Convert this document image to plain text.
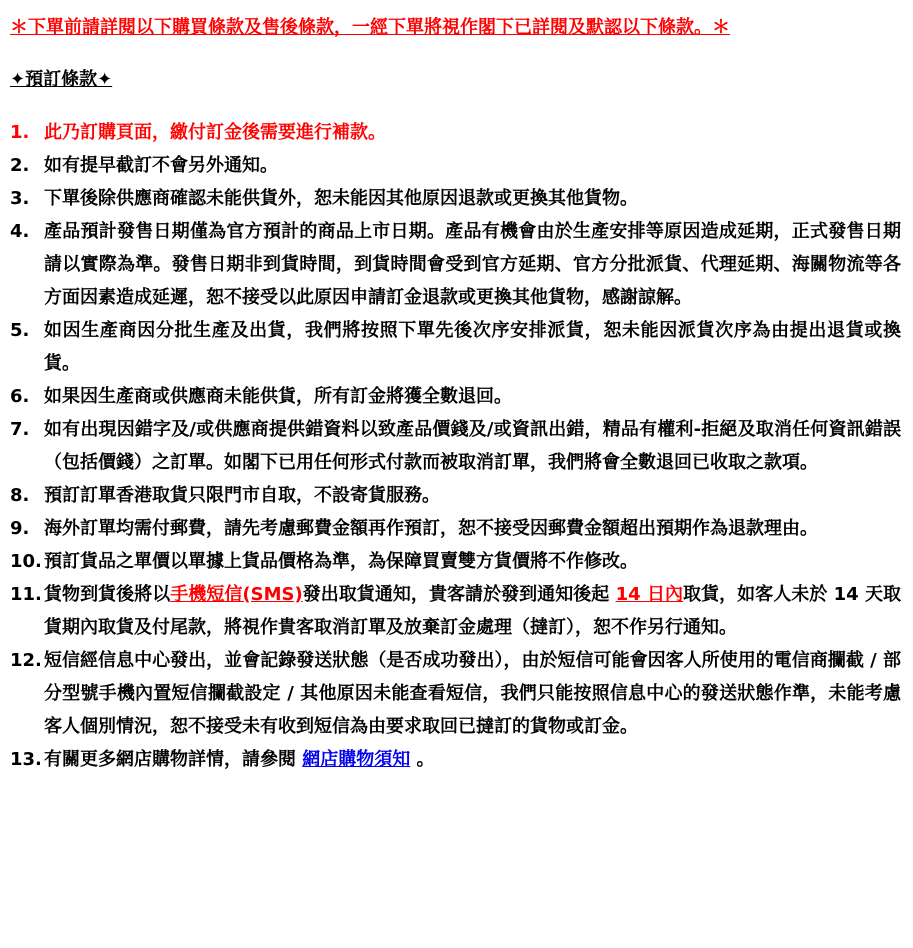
＊下單前請詳閱以下購買條款及售後條款，一經下單將視作閣下已詳閱及默認以下條款。＊
✦預訂條款✦
1. 此乃訂購頁面，繳付訂金後需要進行補款。
2. 如有提早截訂不會另外通知。
3. 下單後除供應商確認未能供貨外，恕未能因其他原因退款或更換其他貨物。
4. 產品預計發售日期僅為官方預計的商品上市日期。產品有機會由於生產安排等原因造成延期，正式發售日期請以實際為準。發售日期非到貨時間，到貨時間會受到官方延期、官方分批派貨、代理延期、海關物流等各方面因素造成延遲，恕不接受以此原因申請訂金退款或更換其他貨物，感謝諒解。
5. 如因生產商因分批生產及出貨，我們將按照下單先後次序安排派貨，恕未能因派貨次序為由提出退貨或換貨。
6. 如果因生產商或供應商未能供貨，所有訂金將獲全數退回。
7. 如有出現因錯字及/或供應商提供錯資料以致產品價錢及/或資訊出錯，精品有權利-拒絕及取消任何資訊錯誤（包括價錢）之訂單。如閣下已用任何形式付款而被取消訂單，我們將會全數退回已收取之款項。
8. 預訂訂單香港取貨只限門市自取，不設寄貨服務。
9. 海外訂單均需付郵費，請先考慮郵費金額再作預訂，恕不接受因郵費金額超出預期作為退款理由。
10. 預訂貨品之單價以單據上貨品價格為準，為保障買賣雙方貨價將不作修改。
11. 貨物到貨後將以手機短信(SMS)發出取貨通知，貴客請於發到通知後起 14 日內取貨，如客人未於 14 天取貨期內取貨及付尾款，將視作貴客取消訂單及放棄訂金處理（撻訂），恕不作另行通知。
12. 短信經信息中心發出，並會記錄發送狀態（是否成功發出），由於短信可能會因客人所使用的電信商攔截 / 部分型號手機內置短信攔截設定 / 其他原因未能查看短信，我們只能按照信息中心的發送狀態作準，未能考慮客人個別情況，恕不接受未有收到短信為由要求取回已撻訂的貨物或訂金。
13. 有關更多網店購物詳情，請參閱 網店購物須知 。
